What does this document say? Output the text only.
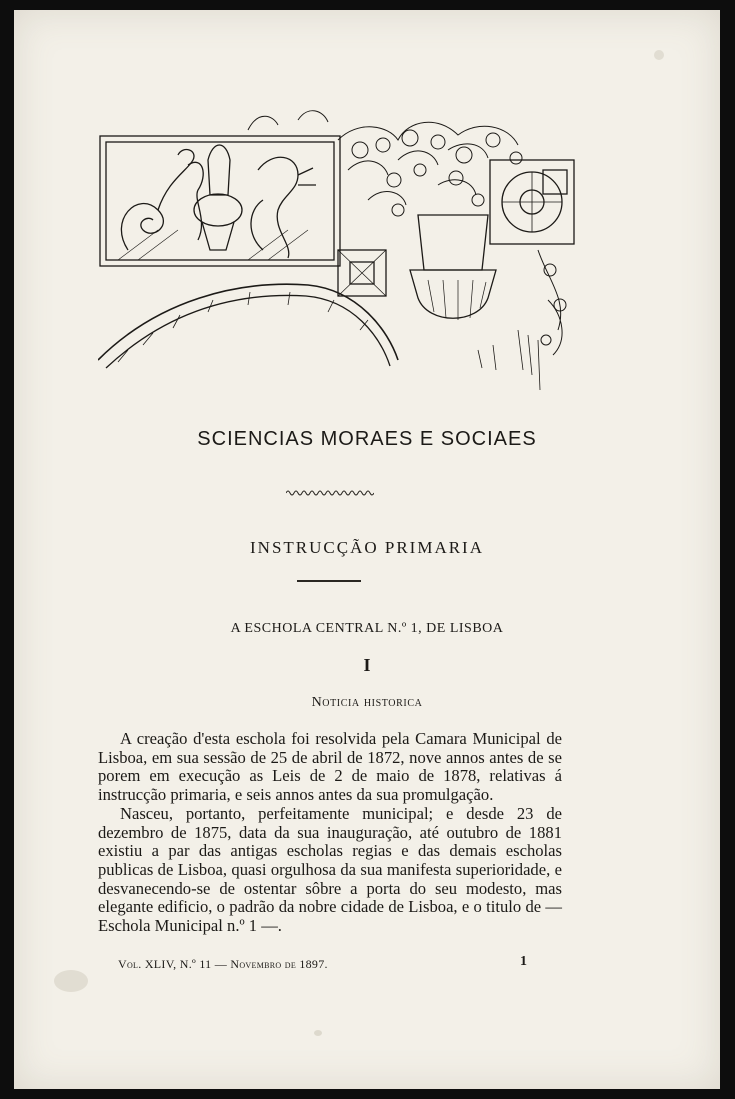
SCIENCIAS MORAES E SOCIAES
INSTRUCÇÃO PRIMARIA
A ESCHOLA CENTRAL N.º 1, DE LISBOA
I
Noticia historica

A creação d'esta eschola foi resolvida pela Camara Municipal de Lisboa, em sua sessão de 25 de abril de 1872, nove annos antes de se porem em execução as Leis de 2 de maio de 1878, relativas á instrucção primaria, e seis annos antes da sua promulgação.

Nasceu, portanto, perfeitamente municipal; e desde 23 de dezembro de 1875, data da sua inauguração, até outubro de 1881 existiu a par das antigas escholas regias e das demais escholas publicas de Lisboa, quasi orgulhosa da sua manifesta superioridade, e desvanecendo-se de ostentar sôbre a porta do seu modesto, mas elegante edificio, o padrão da nobre cidade de Lisboa, e o titulo de — Eschola Municipal n.º 1 —.

Vol. XLIV, N.º 11 — Novembro de 1897.	1
